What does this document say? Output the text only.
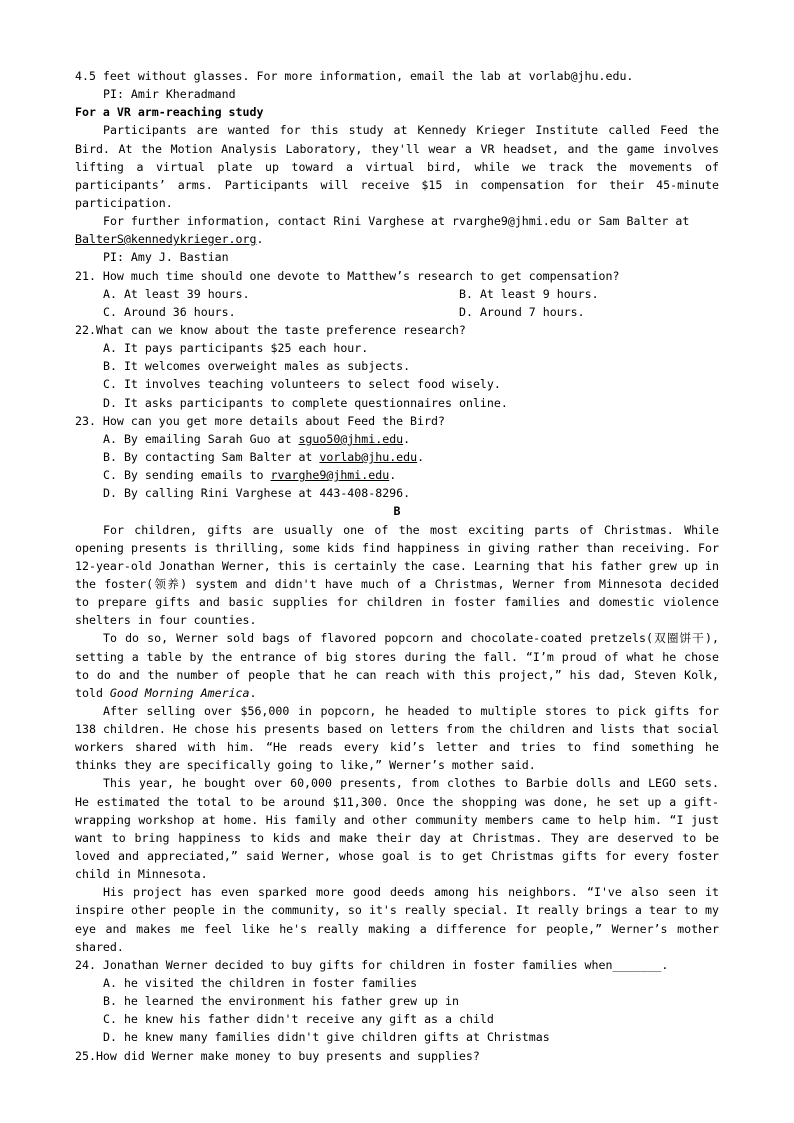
4.5 feet without glasses. For more information, email the lab at vorlab@jhu.edu.
PI: Amir Kheradmand
For a VR arm-reaching study
Participants are wanted for this study at Kennedy Krieger Institute called Feed the
Bird. At the Motion Analysis Laboratory, they'll wear a VR headset, and the game involves
lifting a virtual plate up toward a virtual bird, while we track the movements of
participants’ arms. Participants will receive $15 in compensation for their 45-minute
participation.
For further information, contact Rini Varghese at rvarghe9@jhmi.edu or Sam Balter at
BalterS@kennedykrieger.org.
PI: Amy J. Bastian
21. How much time should one devote to Matthew’s research to get compensation?
A. At least 39 hours.	B. At least 9 hours.
C. Around 36 hours.	D. Around 7 hours.
22.What can we know about the taste preference research?
A. It pays participants $25 each hour.
B. It welcomes overweight males as subjects.
C. It involves teaching volunteers to select food wisely.
D. It asks participants to complete questionnaires online.
23. How can you get more details about Feed the Bird?
A. By emailing Sarah Guo at sguo50@jhmi.edu.
B. By contacting Sam Balter at vorlab@jhu.edu.
C. By sending emails to rvarghe9@jhmi.edu.
D. By calling Rini Varghese at 443-408-8296.
B
For children, gifts are usually one of the most exciting parts of Christmas. While
opening presents is thrilling, some kids find happiness in giving rather than receiving. For
12-year-old Jonathan Werner, this is certainly the case. Learning that his father grew up in
the foster(领养) system and didn't have much of a Christmas, Werner from Minnesota decided
to prepare gifts and basic supplies for children in foster families and domestic violence
shelters in four counties.
To do so, Werner sold bags of flavored popcorn and chocolate-coated pretzels(双圈饼干),
setting a table by the entrance of big stores during the fall. “I’m proud of what he chose
to do and the number of people that he can reach with this project,” his dad, Steven Kolk,
told Good Morning America.
After selling over $56,000 in popcorn, he headed to multiple stores to pick gifts for
138 children. He chose his presents based on letters from the children and lists that social
workers shared with him. “He reads every kid’s letter and tries to find something he
thinks they are specifically going to like,” Werner’s mother said.
This year, he bought over 60,000 presents, from clothes to Barbie dolls and LEGO sets.
He estimated the total to be around $11,300. Once the shopping was done, he set up a gift-
wrapping workshop at home. His family and other community members came to help him. “I just
want to bring happiness to kids and make their day at Christmas. They are deserved to be
loved and appreciated,” said Werner, whose goal is to get Christmas gifts for every foster
child in Minnesota.
His project has even sparked more good deeds among his neighbors. “I've also seen it
inspire other people in the community, so it's really special. It really brings a tear to my
eye and makes me feel like he's really making a difference for people,” Werner’s mother
shared.
24. Jonathan Werner decided to buy gifts for children in foster families when_______.
A. he visited the children in foster families
B. he learned the environment his father grew up in
C. he knew his father didn't receive any gift as a child
D. he knew many families didn't give children gifts at Christmas
25.How did Werner make money to buy presents and supplies?
